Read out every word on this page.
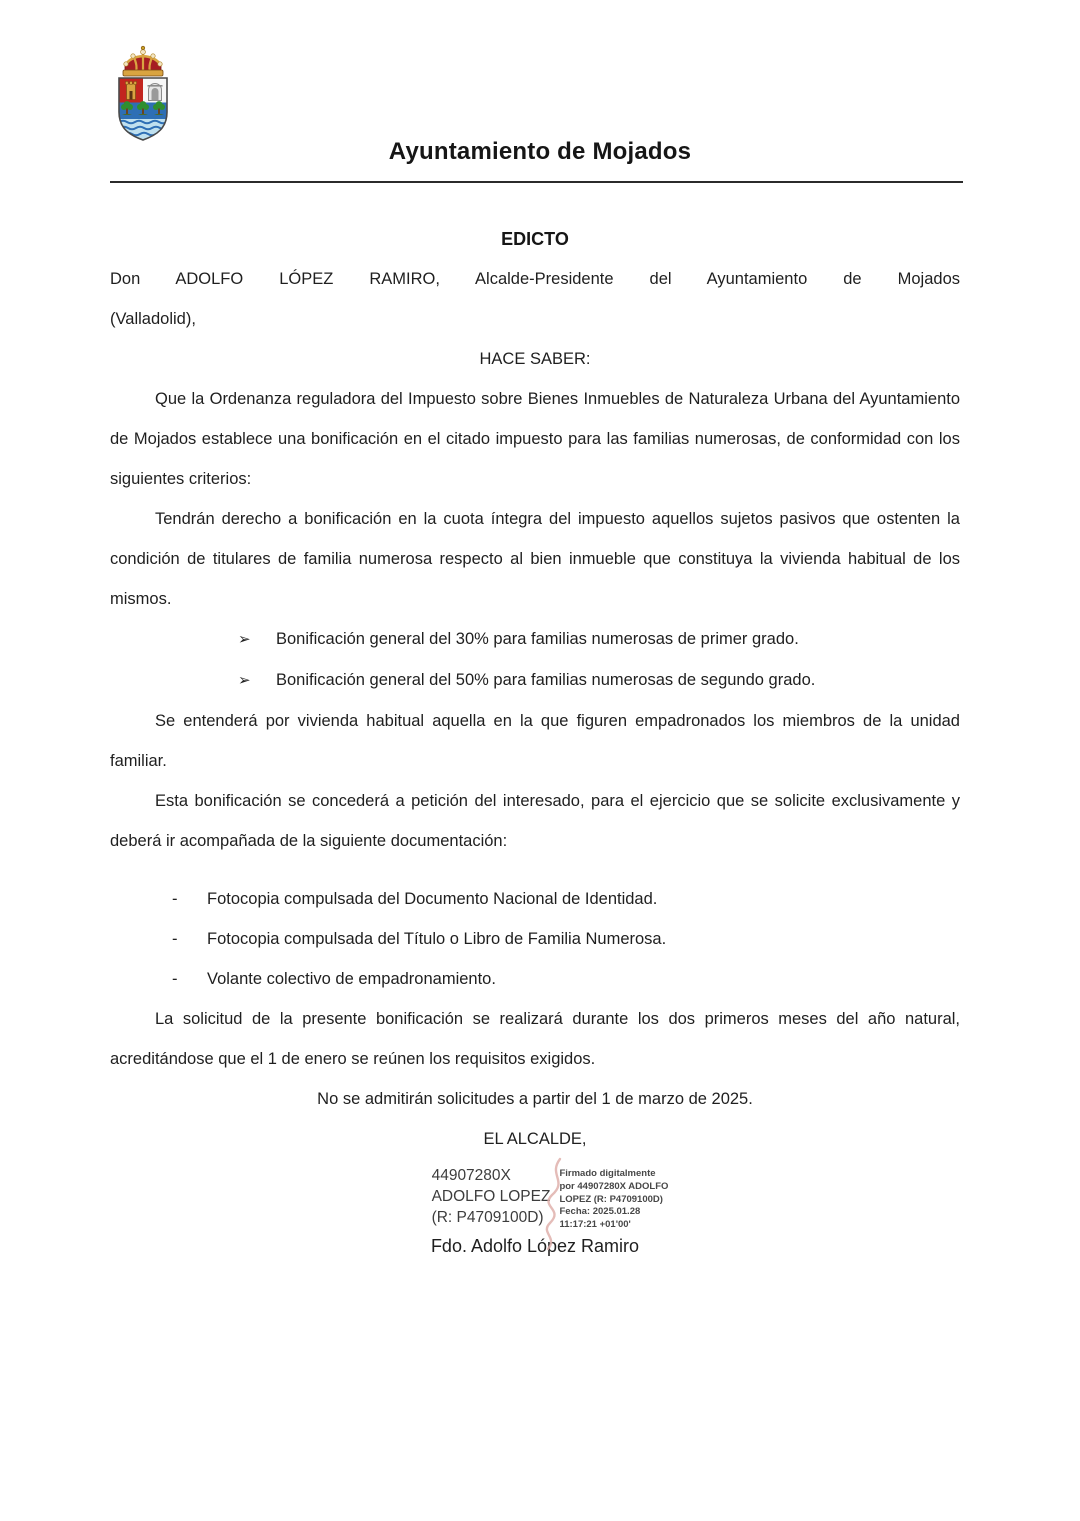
Ayuntamiento de Mojados
EDICTO

Don ADOLFO LÓPEZ RAMIRO, Alcalde-Presidente del Ayuntamiento de Mojados
(Valladolid),

HACE SABER:

Que la Ordenanza reguladora del Impuesto sobre Bienes Inmuebles de Naturaleza Urbana del Ayuntamiento de Mojados establece una bonificación en el citado impuesto para las familias numerosas, de conformidad con los siguientes criterios:

Tendrán derecho a bonificación en la cuota íntegra del impuesto aquellos sujetos pasivos que ostenten la condición de titulares de familia numerosa respecto al bien inmueble que constituya la vivienda habitual de los mismos.

➢ Bonificación general del 30% para familias numerosas de primer grado.
➢ Bonificación general del 50% para familias numerosas de segundo grado.

Se entenderá por vivienda habitual aquella en la que figuren empadronados los miembros de la unidad familiar.

Esta bonificación se concederá a petición del interesado, para el ejercicio que se solicite exclusivamente y deberá ir acompañada de la siguiente documentación:

- Fotocopia compulsada del Documento Nacional de Identidad.
- Fotocopia compulsada del Título o Libro de Familia Numerosa.
- Volante colectivo de empadronamiento.

La solicitud de la presente bonificación se realizará durante los dos primeros meses del año natural, acreditándose que el 1 de enero se reúnen los requisitos exigidos.

No se admitirán solicitudes a partir del 1 de marzo de 2025.

EL ALCALDE,

44907280X
ADOLFO LOPEZ
(R: P4709100D)
Firmado digitalmente
por 44907280X ADOLFO
LOPEZ (R: P4709100D)
Fecha: 2025.01.28
11:17:21 +01'00'

Fdo. Adolfo López Ramiro
